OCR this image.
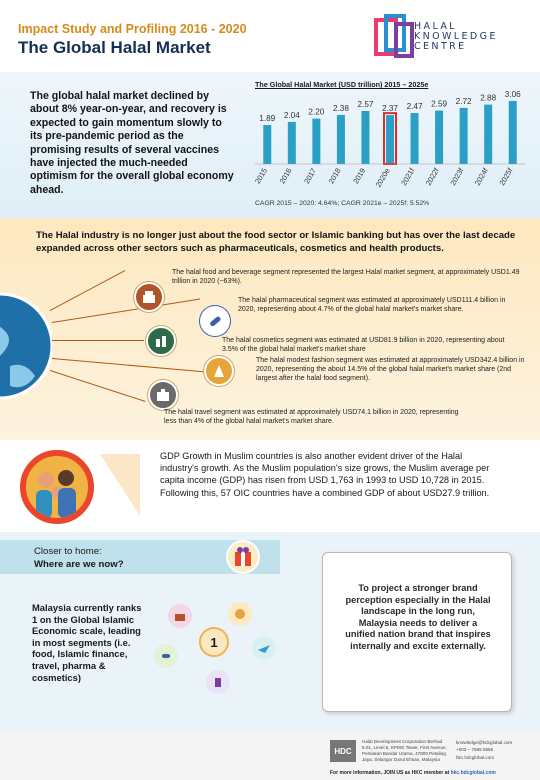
Impact Study and Profiling 2016 - 2020
The Global Halal Market
HALAL
KNOWLEDGE
CENTRE
The global halal market declined by about 8% year-on-year, and recovery is expected to gain momentum slowly to its pre-pandemic period as the promising results of several vaccines have injected the much-needed optimism for the overall global economy ahead.
The Global Halal Market (USD trillion) 2015 – 2025e
1.89
2015
2.04
2016
2.20
2017
2.38
2018
2.57
2019
2.37
2020e
2.47
2021f
2.59
2022f
2.72
2023f
2.88
2024f
3.06
2025f
CAGR 2015 – 2020: 4.64%; CAGR 2021e – 2025f: 5.52%
The Halal industry is no longer just about the food sector or Islamic banking but has over the last decade expanded across other sectors such as pharmaceuticals, cosmetics and health products.
The halal food and beverage segment represented the largest Halal market segment, at approximately USD1.49 trillion in 2020 (~63%).
The halal pharmaceutical segment was estimated at approximately USD111.4 billion in 2020, representing about 4.7% of the global halal market's market share.
The halal cosmetics segment was estimated at USD81.9 billion in 2020, representing about 3.5% of the global halal market's market share
The halal modest fashion segment was estimated at approximately USD342.4 billion in 2020, representing the about 14.5% of the global halal market's market share (2nd largest after the halal food segment).
The halal travel segment was estimated at approximately USD74.1 billion in 2020, representing less than 4% of the global halal market's market share.
GDP Growth in Muslim countries is also another evident driver of the Halal industry's growth. As the Muslim population's size grows, the Muslim average per capita income (GDP) has risen from USD 1,763 in 1993 to USD 10,728 in 2015. Following this, 57 OIC countries have a combined GDP of about USD27.9 trillion.
Closer to home:
Where are we now?
Malaysia currently ranks 1 on the Global Islamic Economic scale, leading in most segments (i.e. food, Islamic finance, travel, pharma & cosmetics)
1
To project a stronger brand perception especially in the Halal landscape in the long run, Malaysia needs to deliver a unified nation brand that inspires internally and excite externally.
HDC
Halal Development Corporation Berhad 5.01, Level 5, KPMG Tower, First Avenue, Persiaran Bandar Utama, 47800 Petaling Jaya, Selangor Darul Ehsan, Malaysia
knowledge@hdcglobal.com
+603 – 7965 5555
hkc.hdcglobal.com
For more information, JOIN US as HKC member at hkc.hdcglobal.com
